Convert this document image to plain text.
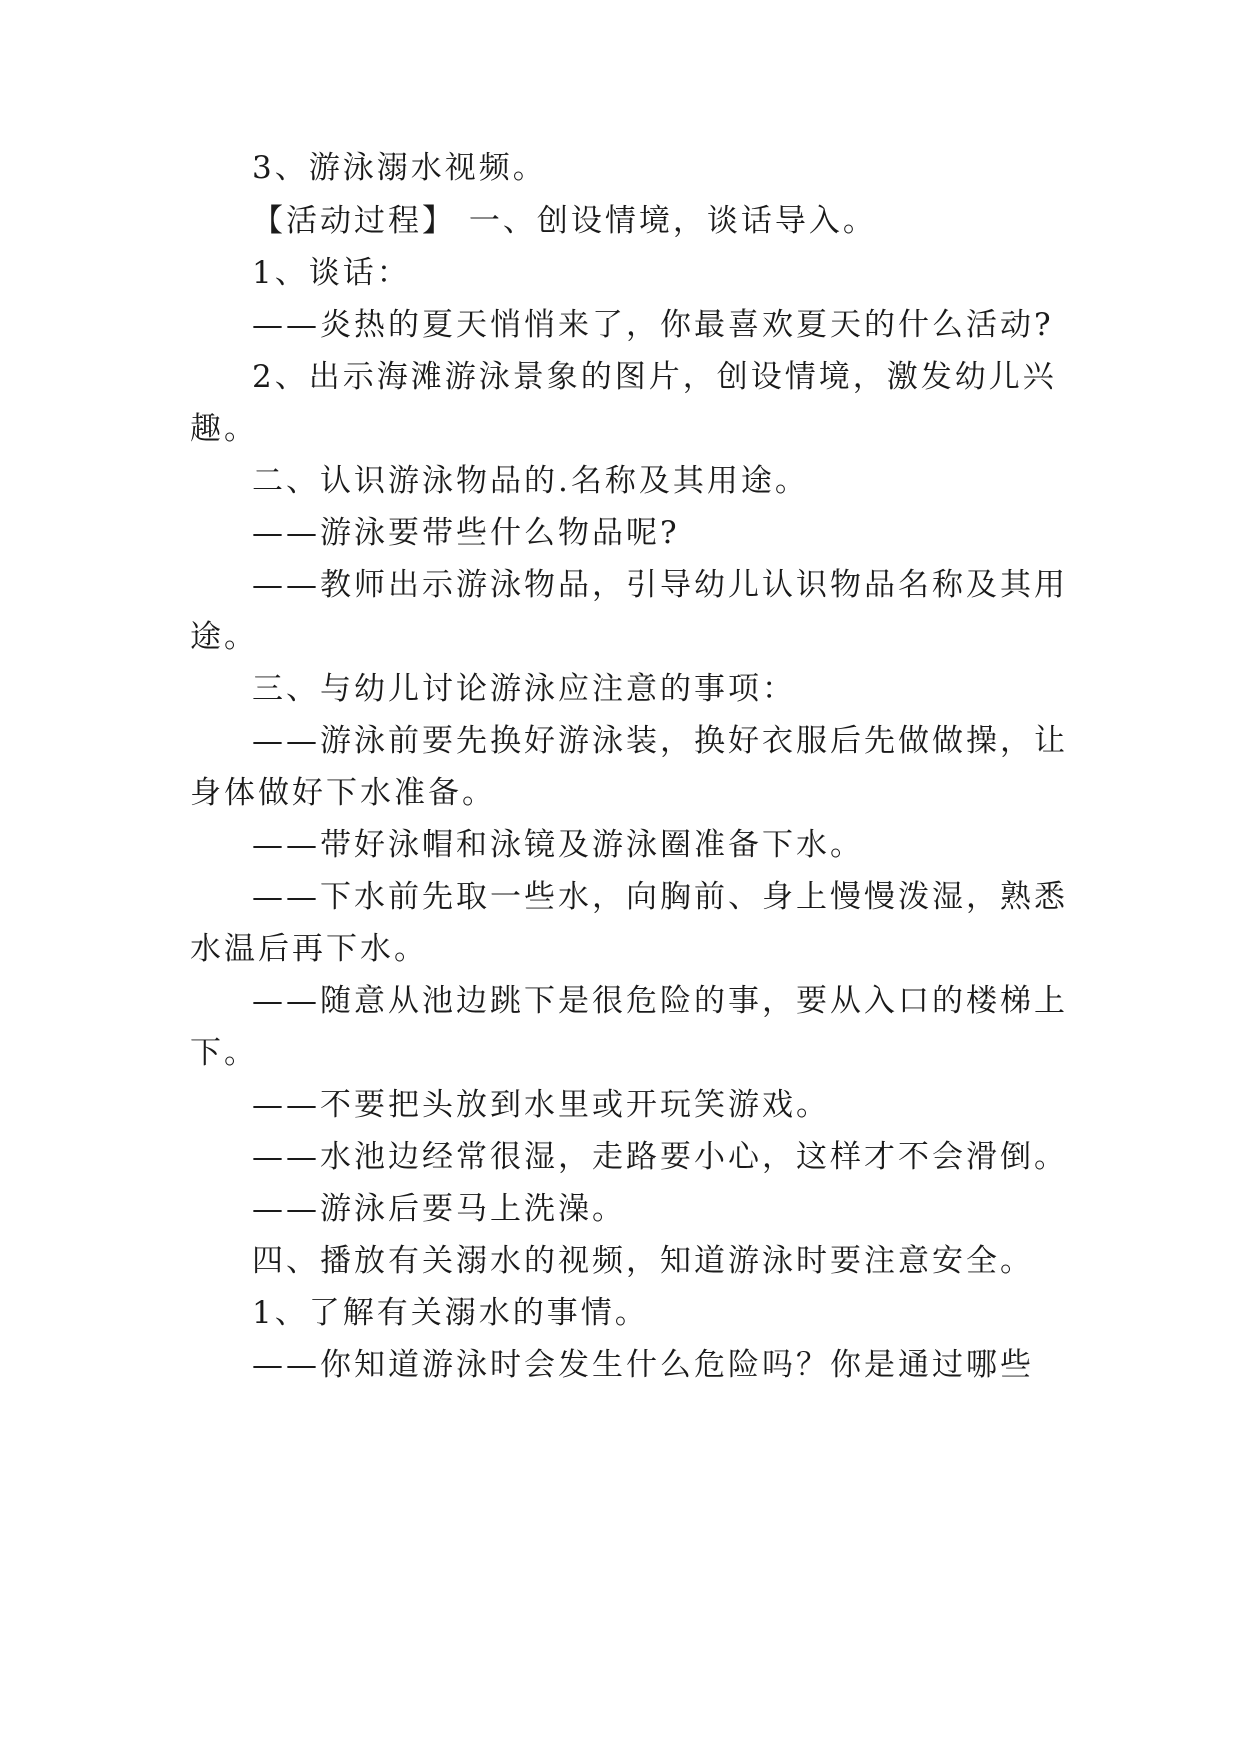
3、游泳溺水视频。
【活动过程】 一、创设情境，谈话导入。
1、谈话：
——炎热的夏天悄悄来了，你最喜欢夏天的什么活动?
2、出示海滩游泳景象的图片，创设情境，激发幼儿兴
趣。
二、认识游泳物品的.名称及其用途。
——游泳要带些什么物品呢?
——教师出示游泳物品，引导幼儿认识物品名称及其用
途。
三、与幼儿讨论游泳应注意的事项：
——游泳前要先换好游泳装，换好衣服后先做做操，让
身体做好下水准备。
——带好泳帽和泳镜及游泳圈准备下水。
——下水前先取一些水，向胸前、身上慢慢泼湿，熟悉
水温后再下水。
——随意从池边跳下是很危险的事，要从入口的楼梯上
下。
——不要把头放到水里或开玩笑游戏。
——水池边经常很湿，走路要小心，这样才不会滑倒。
——游泳后要马上洗澡。
四、播放有关溺水的视频，知道游泳时要注意安全。
1、了解有关溺水的事情。
——你知道游泳时会发生什么危险吗？你是通过哪些
